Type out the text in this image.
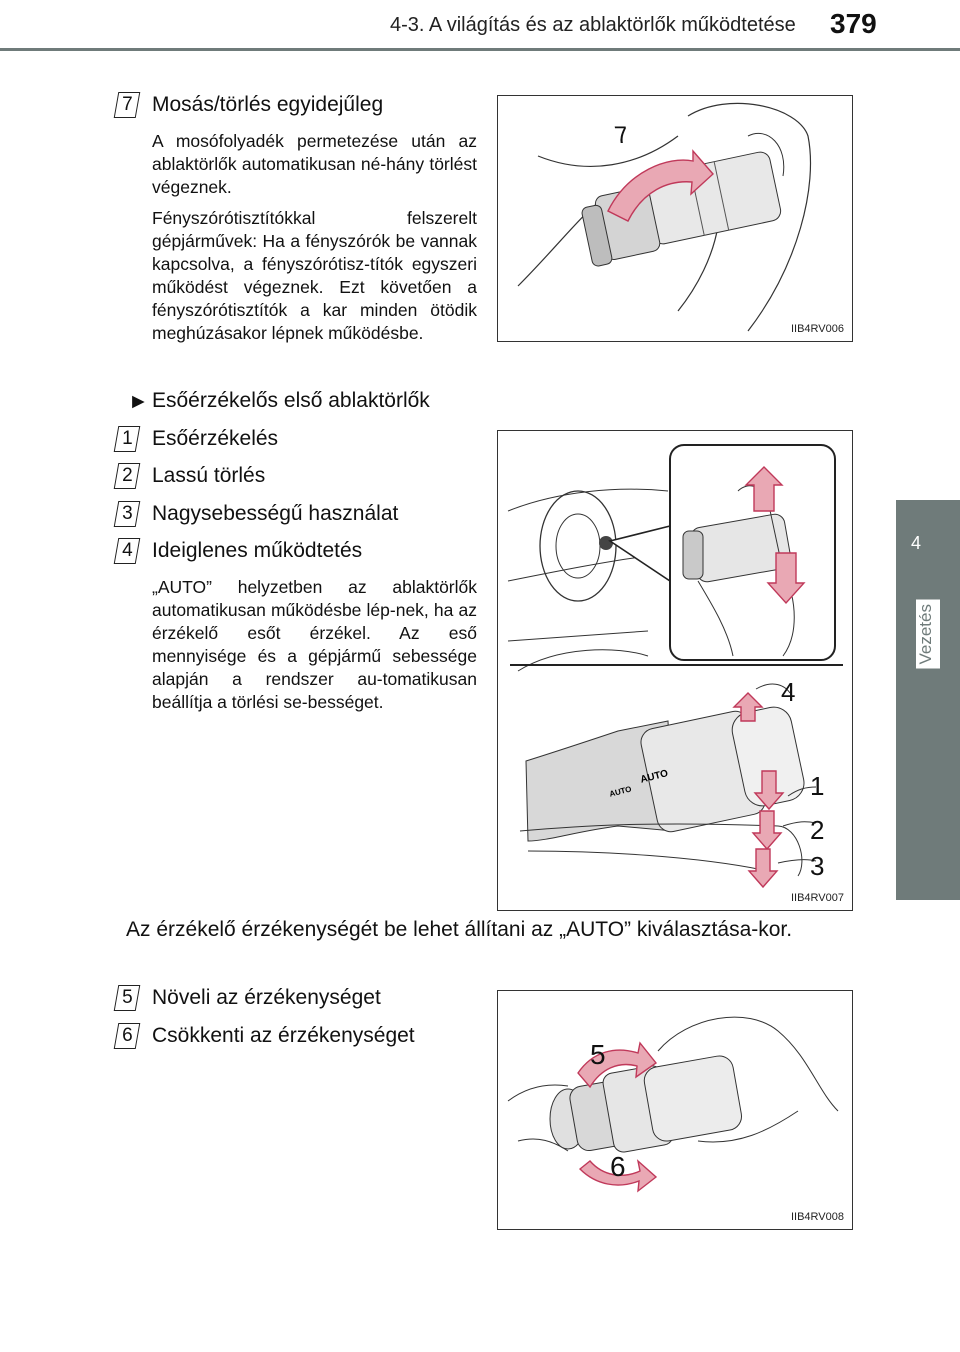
4-3. A világítás és az ablaktörlők működtetése 379
4
Vezetés
7 Mosás/törlés egyidejűleg
A mosófolyadék permetezése után az ablaktörlők automatikusan né-hány törlést végeznek.
Fényszórótisztítókkal felszerelt gépjárművek: Ha a fényszórók be vannak kapcsolva, a fényszórótisz-títók egyszeri működést végeznek. Ezt követően a fényszórótisztítók a kar minden ötödik meghúzásakor lépnek működésbe.
7
IIB4RV006
► Esőérzékelős első ablaktörlők
1 Esőérzékelés
2 Lassú törlés
3 Nagysebességű használat
4 Ideiglenes működtetés
„AUTO” helyzetben az ablaktörlők automatikusan működésbe lép-nek, ha az érzékelő esőt érzékel. Az eső mennyisége és a gépjármű sebessége alapján a rendszer au-tomatikusan beállítja a törlési se-bességet.
AUTO
AUTO
4
1
2
3
IIB4RV007
Az érzékelő érzékenységét be lehet állítani az „AUTO” kiválasztása-kor.
5 Növeli az érzékenységet
6 Csökkenti az érzékenységet
5
6
IIB4RV008
